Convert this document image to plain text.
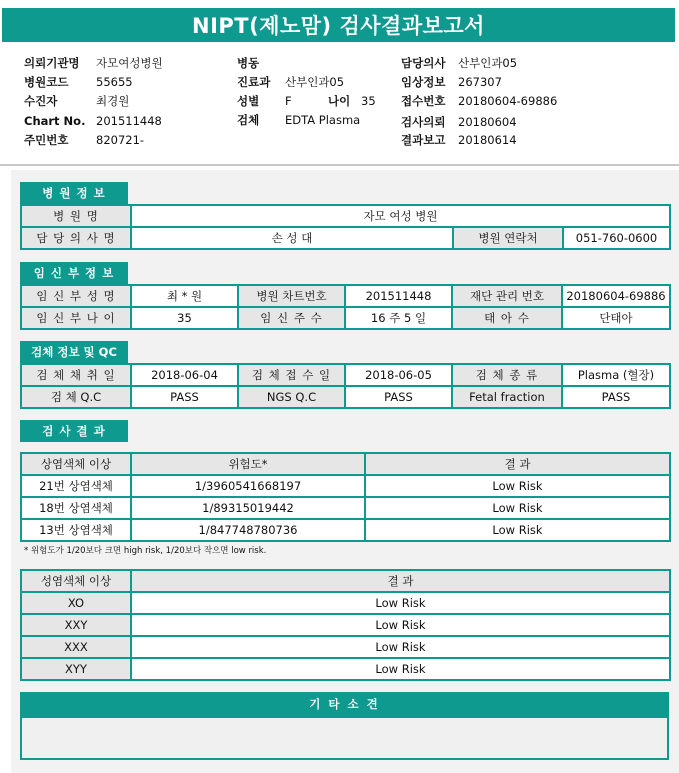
NIPT(제노맘) 검사결과보고서
의뢰기관명 자모여성병원
병원코드 55655
수진자	최경원
Chart No. 201511448
주민번호 820721-
병동
진료과 산부인과05
성별 F	나이 35
검체 EDTA Plasma
담당의사 산부인과05
임상정보 267307
접수번호 20180604-69886
검사의뢰 20180604
결과보고 20180614
병 원 정 보
병 원 명	자모 여성 병원		
담 당 의 사 명	손 성 대	병원 연락처	051-760-0600
임 신 부 정 보
임 신 부 성 명	최 * 원	병원 차트번호	201511448	재단 관리 번호	20180604-69886
임 신 부 나 이	35	임 신 주 수	16 주 5 일	태 아 수	단태아
검체 정보 및 QC
검 체 채 취 일	2018-06-04	검 체 접 수 일	2018-06-05	검 체 종 류	Plasma (혈장)
검 체 Q.C	PASS	NGS Q.C	PASS	Fetal fraction	PASS
검 사 결 과
상염색체 이상	위험도*	결 과
21번 상염색체	1/3960541668197	Low Risk
18번 상염색체	1/89315019442	Low Risk
13번 상염색체	1/847748780736	Low Risk
* 위험도가 1/20보다 크면 high risk, 1/20보다 작으면 low risk.
성염색체 이상	결 과
XO	Low Risk
XXY	Low Risk
XXX	Low Risk
XYY	Low Risk
기 타 소 견
